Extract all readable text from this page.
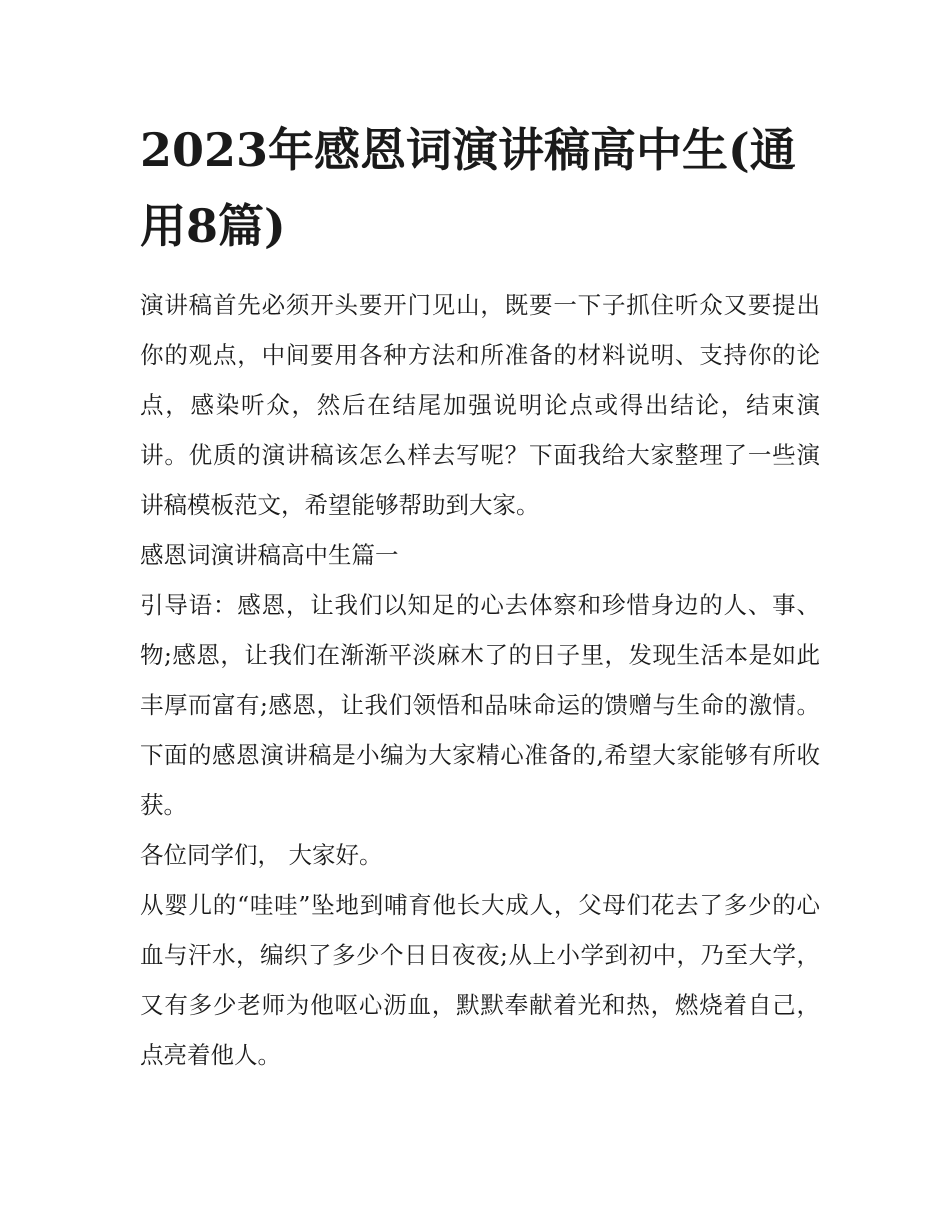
2023年感恩词演讲稿高中生(通用8篇)

演讲稿首先必须开头要开门见山，既要一下子抓住听众又要提出你的观点，中间要用各种方法和所准备的材料说明、支持你的论点，感染听众，然后在结尾加强说明论点或得出结论，结束演讲。优质的演讲稿该怎么样去写呢？下面我给大家整理了一些演讲稿模板范文，希望能够帮助到大家。

感恩词演讲稿高中生篇一

引导语：感恩，让我们以知足的心去体察和珍惜身边的人、事、物;感恩，让我们在渐渐平淡麻木了的日子里，发现生活本是如此丰厚而富有;感恩，让我们领悟和品味命运的馈赠与生命的激情。下面的感恩演讲稿是小编为大家精心准备的,希望大家能够有所收获。

各位同学们， 大家好。

从婴儿的“哇哇”坠地到哺育他长大成人，父母们花去了多少的心血与汗水，编织了多少个日日夜夜;从上小学到初中，乃至大学，又有多少老师为他呕心沥血，默默奉献着光和热，燃烧着自己，点亮着他人。
